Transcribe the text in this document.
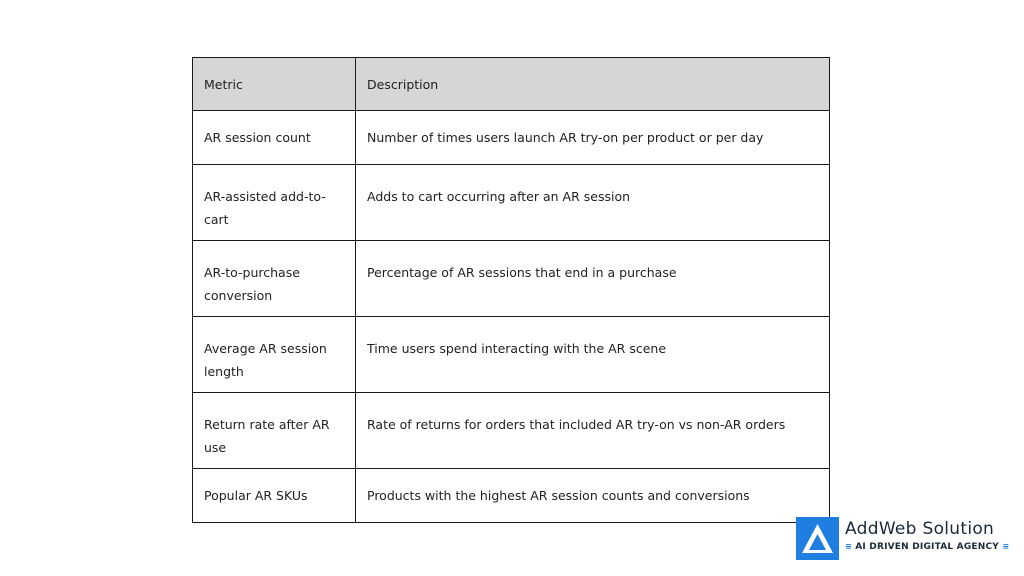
Metric	Description
AR session count	Number of times users launch AR try-on per product or per day
AR-assisted add-to-cart	Adds to cart occurring after an AR session
AR-to-purchase conversion	Percentage of AR sessions that end in a purchase
Average AR session length	Time users spend interacting with the AR scene
Return rate after AR use	Rate of returns for orders that included AR try-on vs non-AR orders
Popular AR SKUs	Products with the highest AR session counts and conversions
AddWeb Solution
≡ AI DRIVEN DIGITAL AGENCY ≡
